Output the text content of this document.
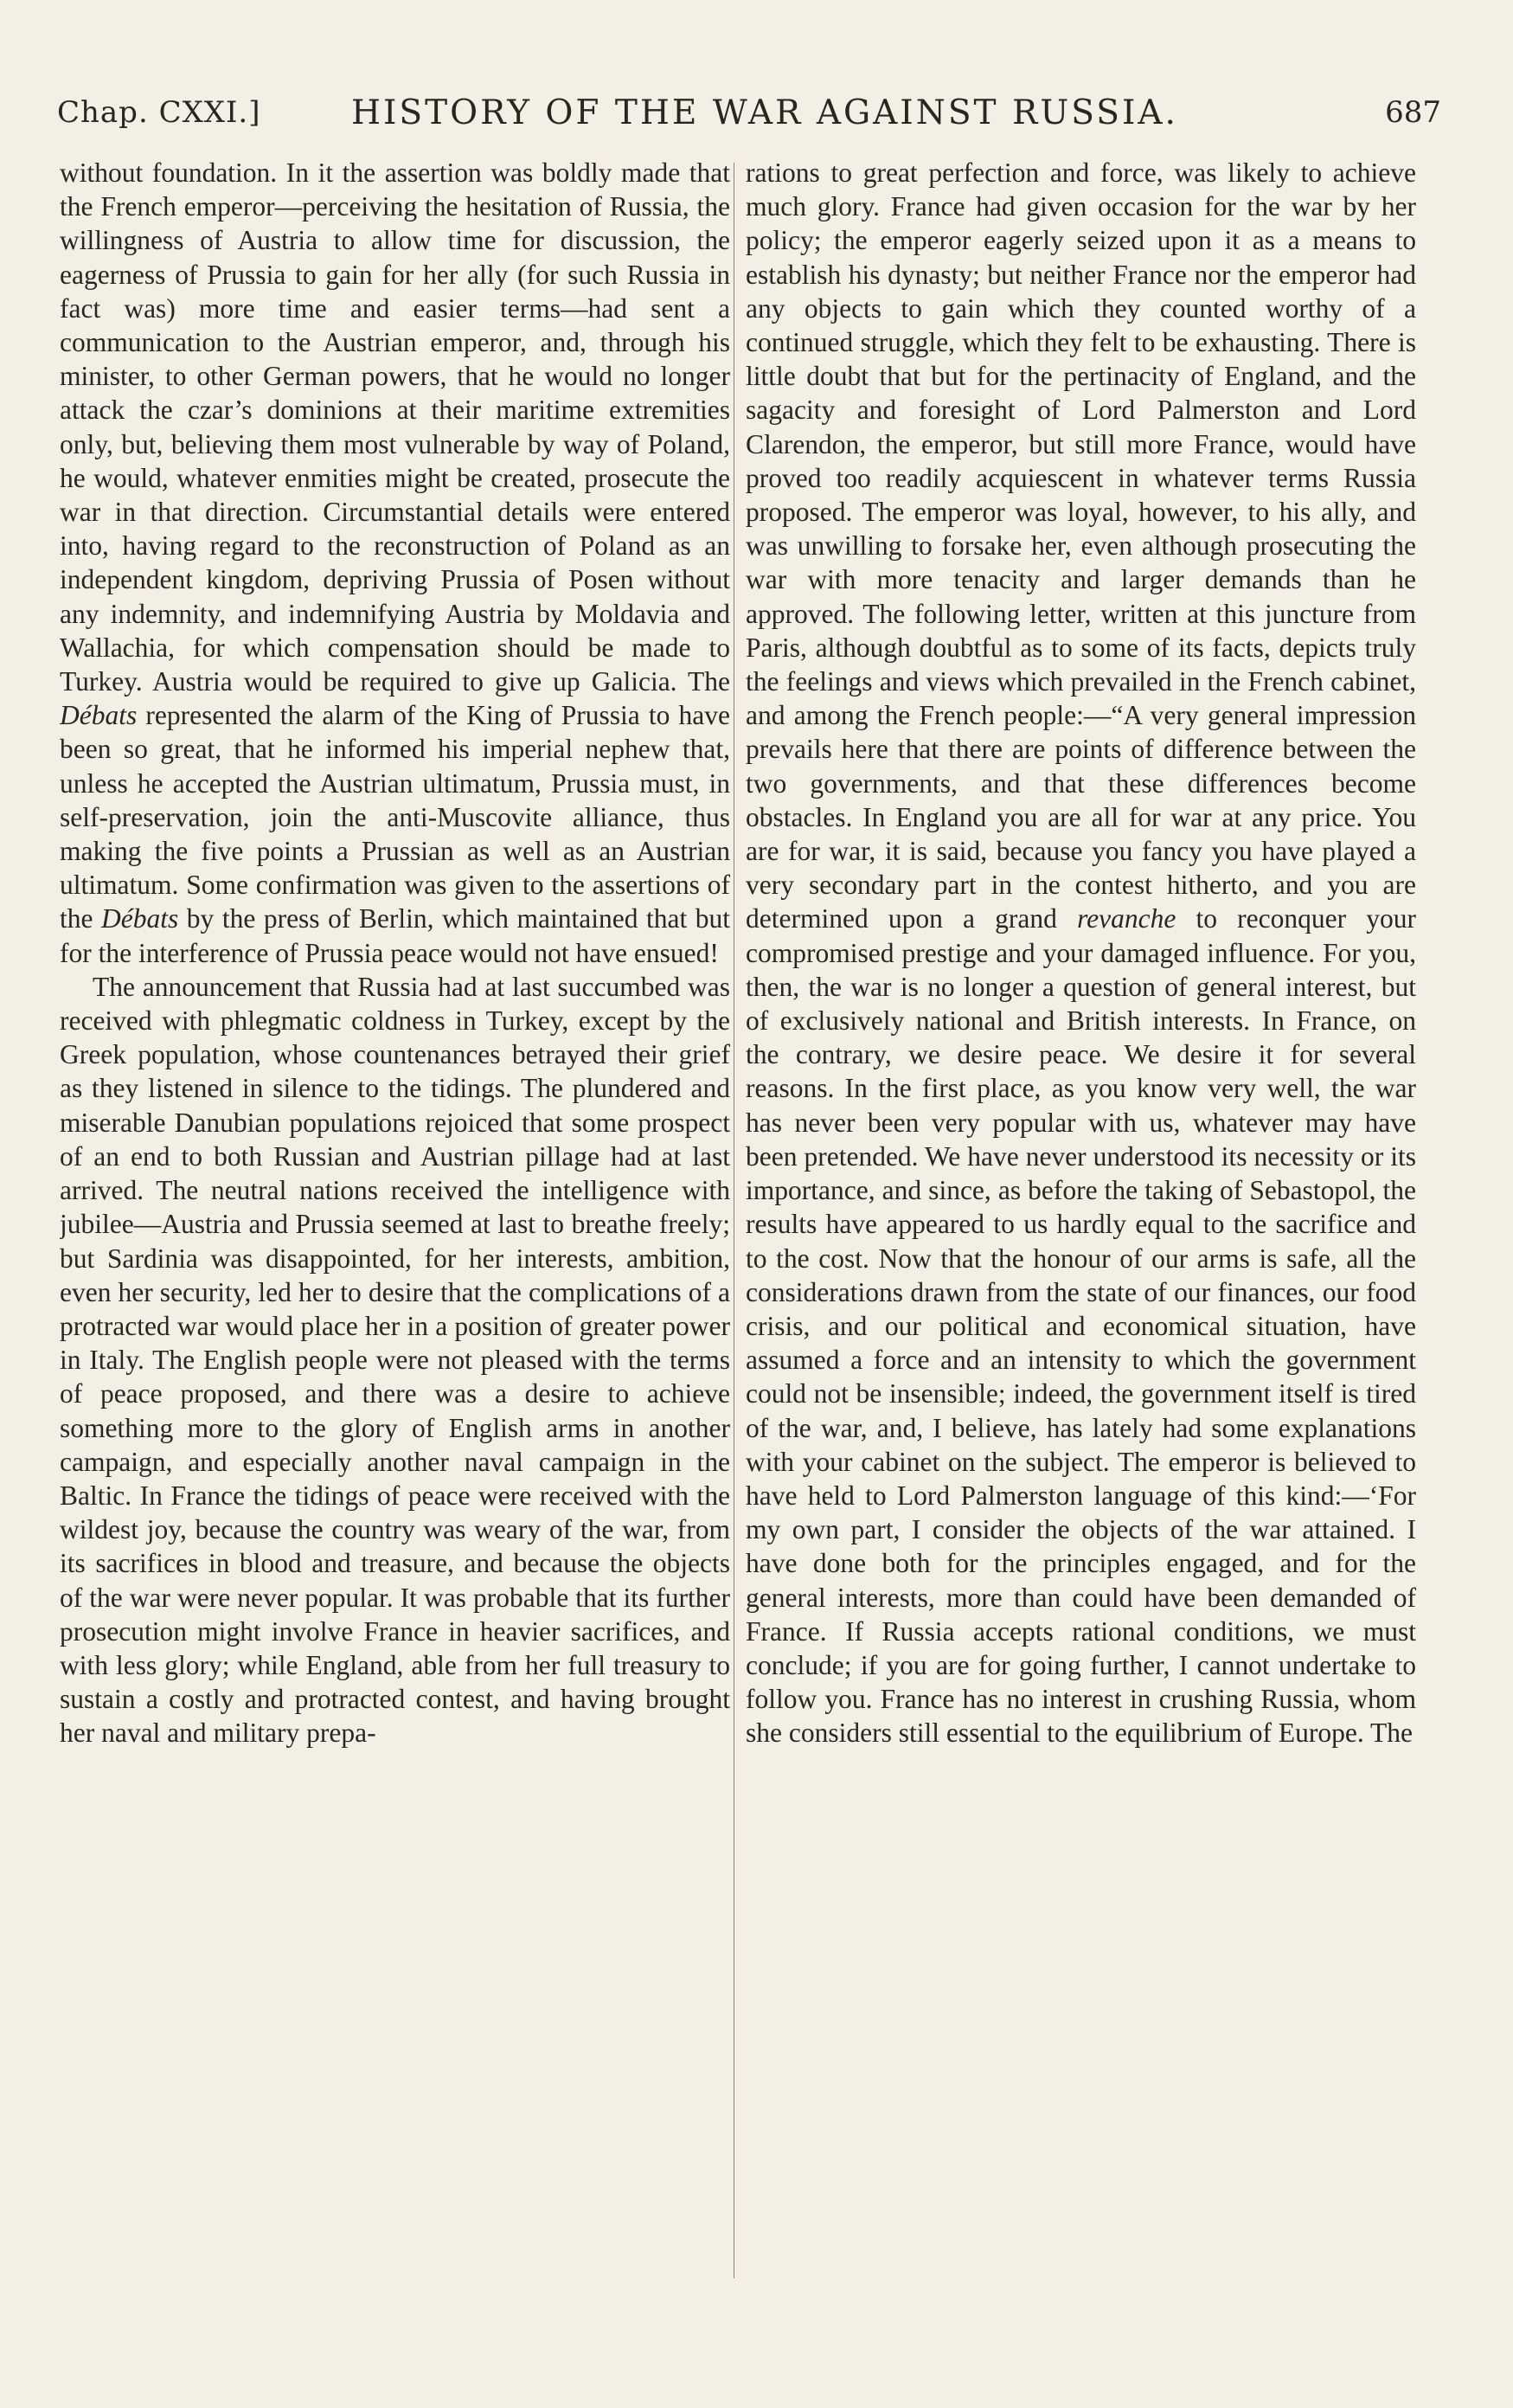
Chap. CXXI.]	HISTORY OF THE WAR AGAINST RUSSIA.	687

without foundation. In it the assertion was boldly made that the French emperor—perceiving the hesitation of Russia, the willingness of Austria to allow time for discussion, the eagerness of Prussia to gain for her ally (for such Russia in fact was) more time and easier terms—had sent a communication to the Austrian emperor, and, through his minister, to other German powers, that he would no longer attack the czar’s dominions at their maritime extremities only, but, believing them most vulnerable by way of Poland, he would, whatever enmities might be created, prosecute the war in that direction. Circumstantial details were entered into, having regard to the reconstruction of Poland as an independent kingdom, depriving Prussia of Posen without any indemnity, and indemnifying Austria by Moldavia and Wallachia, for which compensation should be made to Turkey. Austria would be required to give up Galicia. The Débats represented the alarm of the King of Prussia to have been so great, that he informed his imperial nephew that, unless he accepted the Austrian ultimatum, Prussia must, in self-preservation, join the anti-Muscovite alliance, thus making the five points a Prussian as well as an Austrian ultimatum. Some confirmation was given to the assertions of the Débats by the press of Berlin, which maintained that but for the interference of Prussia peace would not have ensued!

The announcement that Russia had at last succumbed was received with phlegmatic coldness in Turkey, except by the Greek population, whose countenances betrayed their grief as they listened in silence to the tidings. The plundered and miserable Danubian populations rejoiced that some prospect of an end to both Russian and Austrian pillage had at last arrived. The neutral nations received the intelligence with jubilee—Austria and Prussia seemed at last to breathe freely; but Sardinia was disappointed, for her interests, ambition, even her security, led her to desire that the complications of a protracted war would place her in a position of greater power in Italy. The English people were not pleased with the terms of peace proposed, and there was a desire to achieve something more to the glory of English arms in another campaign, and especially another naval campaign in the Baltic. In France the tidings of peace were received with the wildest joy, because the country was weary of the war, from its sacrifices in blood and treasure, and because the objects of the war were never popular. It was probable that its further prosecution might involve France in heavier sacrifices, and with less glory; while England, able from her full treasury to sustain a costly and protracted contest, and having brought her naval and military prepa-

rations to great perfection and force, was likely to achieve much glory. France had given occasion for the war by her policy; the emperor eagerly seized upon it as a means to establish his dynasty; but neither France nor the emperor had any objects to gain which they counted worthy of a continued struggle, which they felt to be exhausting. There is little doubt that but for the pertinacity of England, and the sagacity and foresight of Lord Palmerston and Lord Clarendon, the emperor, but still more France, would have proved too readily acquiescent in whatever terms Russia proposed. The emperor was loyal, however, to his ally, and was unwilling to forsake her, even although prosecuting the war with more tenacity and larger demands than he approved. The following letter, written at this juncture from Paris, although doubtful as to some of its facts, depicts truly the feelings and views which prevailed in the French cabinet, and among the French people:—“A very general impression prevails here that there are points of difference between the two governments, and that these differences become obstacles. In England you are all for war at any price. You are for war, it is said, because you fancy you have played a very secondary part in the contest hitherto, and you are determined upon a grand revanche to reconquer your compromised prestige and your damaged influence. For you, then, the war is no longer a question of general interest, but of exclusively national and British interests. In France, on the contrary, we desire peace. We desire it for several reasons. In the first place, as you know very well, the war has never been very popular with us, whatever may have been pretended. We have never understood its necessity or its importance, and since, as before the taking of Sebastopol, the results have appeared to us hardly equal to the sacrifice and to the cost. Now that the honour of our arms is safe, all the considerations drawn from the state of our finances, our food crisis, and our political and economical situation, have assumed a force and an intensity to which the government could not be insensible; indeed, the government itself is tired of the war, and, I believe, has lately had some explanations with your cabinet on the subject. The emperor is believed to have held to Lord Palmerston language of this kind:—‘For my own part, I consider the objects of the war attained. I have done both for the principles engaged, and for the general interests, more than could have been demanded of France. If Russia accepts rational conditions, we must conclude; if you are for going further, I cannot undertake to follow you. France has no interest in crushing Russia, whom she considers still essential to the equilibrium of Europe. The
